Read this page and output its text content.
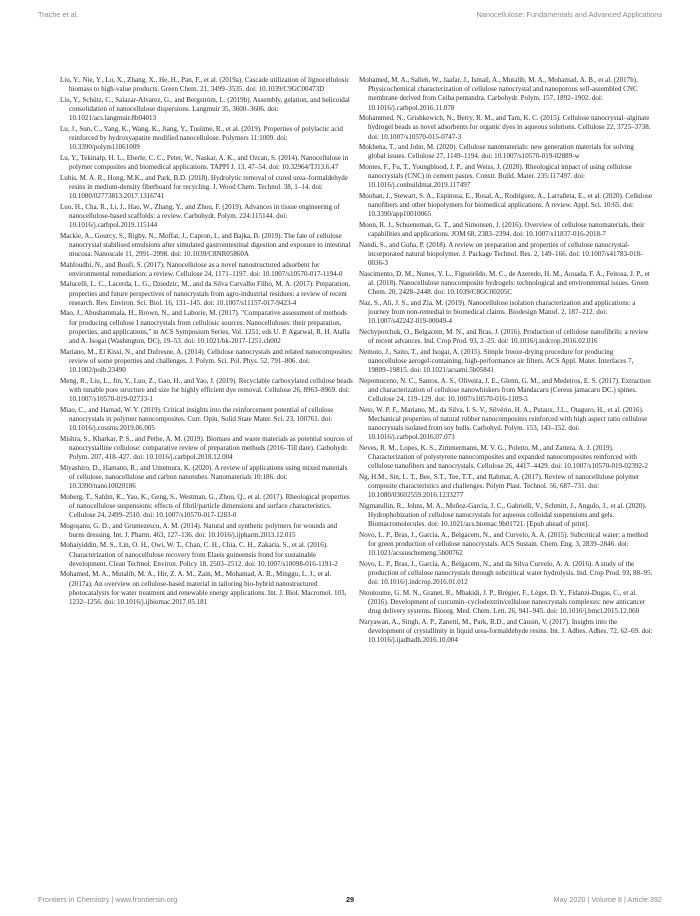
Trache et al.	Nanocellulose: Fundamentals and Advanced Applications

Liu, Y., Nie, Y., Lu, X., Zhang, X., He, H., Pan, F., et al. (2019a). Cascade utilization of lignocellulosic biomass to high-value products. Green Chem. 21, 3499–3535. doi: 10.1039/C9GC00473D

Liu, Y., Schütz, C., Salazar-Alvarez, G., and Bergström, L. (2019b). Assembly, gelation, and helicoidal consolidation of nanocellulose dispersions. Langmuir 35, 3600–3606. doi: 10.1021/acs.langmuir.8b04013

Lu, J., Sun, C., Yang, K., Wang, K., Jiang, Y., Tusiime, R., et al. (2019). Properties of polylactic acid reinforced by hydroxyapatite modified nanocellulose. Polymers 11:1009. doi: 10.3390/polym11061009

Lu, Y., Tekinalp, H. L., Eberle, C. C., Peter, W., Naskar, A. K., and Ozcan, S. (2014). Nanocellulose in polymer composites and biomedical applications. TAPPI J. 13, 47–54. doi: 10.32964/TJ13.6.47

Lubis, M. A. R., Hong, M.K., and Park, B.D. (2018). Hydrolytic removal of cured urea–formaldehyde resins in medium-density fiberboard for recycling. J. Wood Chem. Technol. 38, 1–14. doi: 10.1080/02773813.2017.1316741

Luo, H., Cha, R., Li, J., Hao, W., Zhang, Y., and Zhou, F. (2019). Advances in tissue engineering of nanocellulose-based scaffolds: a review. Carbohydr. Polym. 224:115144. doi: 10.1016/j.carbpol.2019.115144

Mackie, A., Gourcy, S., Rigby, N., Moffat, J., Capron, I., and Bajka, B. (2019). The fate of cellulose nanocrystal stabilised emulsions after simulated gastrointestinal digestion and exposure to intestinal mucosa. Nanoscale 11, 2991–2998. doi: 10.1039/C8NR05860A

Mahfoudhi, N., and Boufi, S. (2017). Nanocellulose as a novel nanostructured adsorbent for environmental remediation: a review. Cellulose 24, 1171–1197. doi: 10.1007/s10570-017-1194-0

Malucelli, L. C., Lacerda, L. G., Dziedzic, M., and da Silva Carvalho Filho, M. A. (2017). Preparation, properties and future perspectives of nanocrystals from agro-industrial residues: a review of recent research. Rev. Environ. Sci. Biol. 16, 131–145. doi: 10.1007/s11157-017-9423-4

Mao, J., Abushammala, H., Brown, N., and Laborie, M. (2017). "Comparative assessment of methods for producing cellulose I nanocrystals from cellulosic sources. Nanocelluloses: their preparation, properties, and applications," in ACS Symposium Series, Vol. 1251, eds U. P. Agarwal, R. H. Atalla and A. Isogai (Washington, DC), 19–53. doi: 10.1021/bk-2017-1251.ch002

Mariano, M., El Kissi, N., and Dufresne, A. (2014). Cellulose nanocrystals and related nanocomposites: review of some properties and challenges. J. Polym. Sci. Pol. Phys. 52, 791–806. doi: 10.1002/polb.23490

Meng, R., Liu, L., Jin, Y., Luo, Z., Gao, H., and Yao, J. (2019). Recyclable carboxylated cellulose beads with tunable pore structure and size for highly efficient dye removal. Cellulose 26, 8963–8969. doi: 10.1007/s10570-019-02733-1

Miao, C., and Hamad, W. Y. (2019). Critical insights into the reinforcement potential of cellulose nanocrystals in polymer nanocomposites. Curr. Opin. Solid State Mater. Sci. 23, 100761. doi: 10.1016/j.cossms.2019.06.005

Mishra, S., Kharkar, P. S., and Pethe, A. M. (2019). Biomass and waste materials as potential sources of nanocrystalline cellulose: comparative review of preparation methods (2016–Till date). Carbohydr. Polym. 207, 418–427. doi: 10.1016/j.carbpol.2018.12.004

Miyashiro, D., Hamano, R., and Umemura, K. (2020). A review of applications using mixed materials of cellulose, nanocellulose and carbon nanotubes. Nanomaterials 10:186. doi: 10.3390/nano10020186

Moberg, T., Sahlin, K., Yao, K., Geng, S., Westman, G., Zhou, Q., et al. (2017). Rheological properties of nanocellulose suspensions: effects of fibril/particle dimensions and surface characteristics. Cellulose 24, 2499–2510. doi: 10.1007/s10570-017-1283-0

Mogoşanu, G. D., and Grumezescu, A. M. (2014). Natural and synthetic polymers for wounds and burns dressing. Int. J. Pharm. 463, 127–136. doi: 10.1016/j.ijpharm.2013.12.015

Mohaiyiddin, M. S., Lin, O. H., Owi, W. T., Chan, C. H., Chia, C. H., Zakaria, S., et al. (2016). Characterization of nanocellulose recovery from Elaeis guineensis frond for sustainable development. Clean Technol. Environ. Policy 18, 2503–2512. doi: 10.1007/s10098-016-1191-2

Mohamed, M. A., Mutalib, M. A., Hir, Z. A. M., Zain, M., Mohamad, A. B., Minggu, L. J., et al. (2017a). An overview on cellulose-based material in tailoring bio-hybrid nanostructured photocatalysts for water treatment and renewable energy applications. Int. J. Biol. Macromol. 103, 1232–1256. doi: 10.1016/j.ijbiomac.2017.05.181

Mohamed, M. A., Salleh, W., Jaafar, J., Ismail, A., Mutalib, M. A., Mohamad, A. B., et al. (2017b). Physicochemical characterization of cellulose nanocrystal and nanoporous self-assembled CNC membrane derived from Ceiba pentandra. Carbohydr. Polym. 157, 1892–1902. doi: 10.1016/j.carbpol.2016.11.078

Mohammed, N., Grishkewich, N., Berry, R. M., and Tam, K. C. (2015). Cellulose nanocrystal–alginate hydrogel beads as novel adsorbents for organic dyes in aqueous solutions. Cellulose 22, 3725–3738. doi: 10.1007/s10570-015-0747-3

Mokhena, T., and John, M. (2020). Cellulose nanomaterials: new generation materials for solving global issues. Cellulose 27, 1149–1194. doi: 10.1007/s10570-019-02889-w

Montes, F., Fu, T., Youngblood, J. P., and Weiss, J. (2020). Rheological impact of using cellulose nanocrystals (CNC) in cement pastes. Constr. Build. Mater. 235:117497. doi: 10.1016/j.conbuildmat.2019.117497

Moohan, J., Stewart, S. A., Espinosa, E., Rosal, A., Rodríguez, A., Larrañeta, E., et al. (2020). Cellulose nanofibers and other biopolymers for biomedical applications. A review. Appl. Sci. 10:65. doi: 10.3390/app10010065

Moon, R. J., Schueneman, G. T., and Simonsen, J. (2016). Overview of cellulose nanomaterials, their capabilities and applications. JOM 68, 2383–2394. doi: 10.1007/s11837-016-2018-7

Nandi, S., and Guha, P. (2018). A review on preparation and properties of cellulose nanocrystal-incorporated natural biopolymer. J. Package Technol. Res. 2, 149–166. doi: 10.1007/s41783-018-0036-3

Nascimento, D. M., Nunes, Y. L., Figueirêdo, M. C., de Azeredo, H. M., Aouada, F. A., Feitosa, J. P., et al. (2018). Nanocellulose nanocomposite hydrogels: technological and environmental issues. Green Chem. 20, 2428–2448. doi: 10.1039/C8GC00205C

Naz, S., Ali, J. S., and Zia, M. (2019). Nanocellulose isolation characterization and applications: a journey from non-remedial to biomedical claims. Biodesign Manuf. 2, 187–212. doi: 10.1007/s42242-019-00049-4

Nechyporchuk, O., Belgacem, M. N., and Bras, J. (2016). Production of cellulose nanofibrils: a review of recent advances. Ind. Crop Prod. 93, 2–25. doi: 10.1016/j.indcrop.2016.02.016

Nemoto, J., Saito, T., and Isogai, A. (2015). Simple freeze-drying procedure for producing nanocellulose aerogel-containing, high-performance air filters. ACS Appl. Mater. Interfaces 7, 19809–19815. doi: 10.1021/acsami.5b05841

Nepomuceno, N. C., Santos, A. S., Oliveira, J. E., Glenn, G. M., and Medeiros, E. S. (2017). Extraction and characterization of cellulose nanowhiskers from Mandacaru (Cereus jamacaru DC.) spines. Cellulose 24, 119–129. doi: 10.1007/s10570-016-1109-5

Neto, W. P. F., Mariano, M., da Silva, I. S. V., Silvério, H. A., Putaux, J.L., Otaguro, H., et al. (2016). Mechanical properties of natural rubber nanocomposites reinforced with high aspect ratio cellulose nanocrystals isolated from soy hulls. Carbohyd. Polym. 153, 143–152. doi: 10.1016/j.carbpol.2016.07.073

Neves, R. M., Lopes, K. S., Zimmermann, M. V. G., Poletto, M., and Zattera, A. J. (2019). Characterization of polystyrene nanocomposites and expanded nanocomposites reinforced with cellulose nanofibers and nanocrystals. Cellulose 26, 4417–4429. doi: 10.1007/s10570-019-02392-2

Ng, H.M., Sin, L. T., Bee, S.T., Tee, T.T., and Rahmat, A. (2017). Review of nanocellulose polymer composite characteristics and challenges. Polym Plast. Technol. 56, 687–731. doi: 10.1080/03602559.2016.1233277

Nigmatullin, R., Johns, M. A., Muñoz-García, J. C., Gabrielli, V., Schmitt, J., Angulo, J., et al. (2020). Hydrophobization of cellulose nanocrystals for aqueous colloidal suspensions and gels. Biomacromolecules. doi: 10.1021/acs.biomac.9b01721. [Epub ahead of print].

Novo, L. P., Bras, J., García, A., Belgacem, N., and Curvelo, A. A. (2015). Subcritical water: a method for green production of cellulose nanocrystals. ACS Sustain. Chem. Eng. 3, 2839–2846. doi: 10.1021/acssuschemeng.5b00762

Novo, L. P., Bras, J., García, A., Belgacem, N., and da Silva Curvelo, A. A. (2016). A study of the production of cellulose nanocrystals through subcritical water hydrolysis. Ind. Crop Prod. 93, 88–95. doi: 10.1016/j.indcrop.2016.01.012

Ntoutoume, G. M. N., Granet, R., Mbakidi, J. P., Brégier, F., Léger, D. Y., Fidanzi-Dugas, C., et al. (2016). Development of curcumin–cyclodextrin/cellulose nanocrystals complexes: new anticancer drug delivery systems. Bioorg. Med. Chem. Lett. 26, 941–945. doi: 10.1016/j.bmcl.2015.12.060

Nuryawan, A., Singh, A. P., Zanetti, M., Park, B.D., and Causin, V. (2017). Insights into the development of crystallinity in liquid urea-formaldehyde resins. Int. J. Adhes. Adhes. 72, 62–69. doi: 10.1016/j.ijadhadh.2016.10.004

Frontiers in Chemistry | www.frontiersin.org	29	May 2020 | Volume 8 | Article 392
